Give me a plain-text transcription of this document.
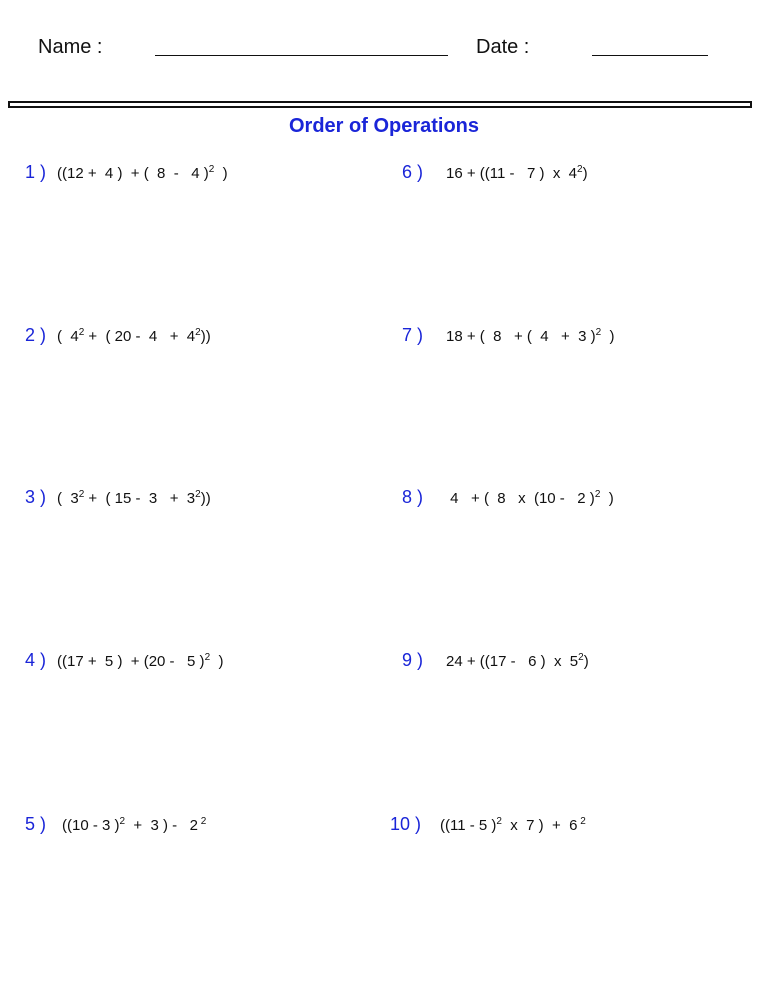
Name :	Date :
Order of Operations
1 ) ((12 +  4 )  + (  8  -   4 )$^2$  )
2 ) (  $4^2$ +  ( $20 - 4 + 4^2$))
3 ) (  $3^2$ +  ( $15 - 3 + 3^2$))
4 ) ((17 +  5 )  + (20 -   5 )$^2$  )
5 ) ((10 - 3 )$^2$  +  3 ) -   2 $^2$
6 ) 16 + ((11 -   7 )  x  $4^2$)
7 ) 18 + (  8   + (  4   +  3 )$^2$  )
8 ) 4   + (  8   x  (10 -   2 )$^2$  )
9 ) 24 + ((17 -   6 )  x  $5^2$)
10 ) ((11 - 5 )$^2$  x  7 )  +  6 $^2$
